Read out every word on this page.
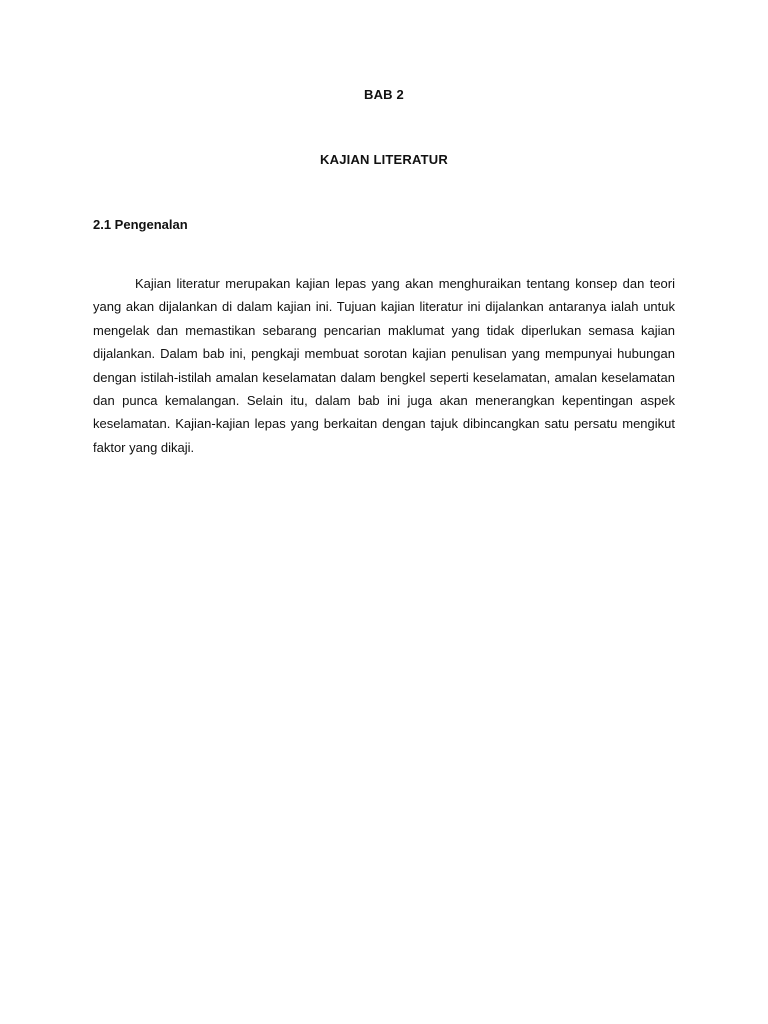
BAB 2
KAJIAN LITERATUR
2.1 Pengenalan

Kajian literatur merupakan kajian lepas yang akan menghuraikan tentang konsep dan teori yang akan dijalankan di dalam kajian ini. Tujuan kajian literatur ini dijalankan antaranya ialah untuk mengelak dan memastikan sebarang pencarian maklumat yang tidak diperlukan semasa kajian dijalankan. Dalam bab ini, pengkaji membuat sorotan kajian penulisan yang mempunyai hubungan dengan istilah-istilah amalan keselamatan dalam bengkel seperti keselamatan, amalan keselamatan dan punca kemalangan. Selain itu, dalam bab ini juga akan menerangkan kepentingan aspek keselamatan. Kajian-kajian lepas yang berkaitan dengan tajuk dibincangkan satu persatu mengikut faktor yang dikaji.
